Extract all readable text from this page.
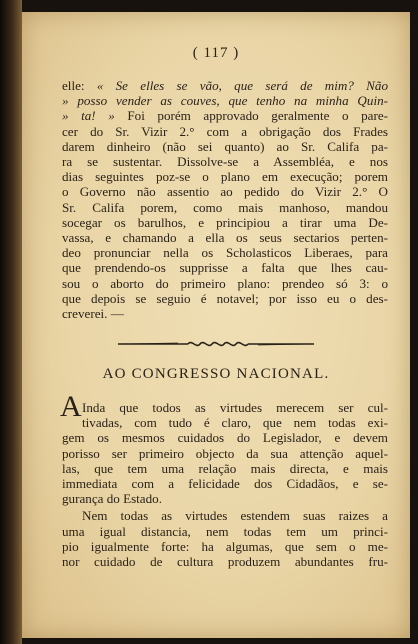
( 117 )
elle: « Se elles se vão, que será de mim? Não
» posso vender as couves, que tenho na minha Quin-
» ta! » Foi porém approvado geralmente o pare-
cer do Sr. Vizir 2.° com a obrigação dos Frades
darem dinheiro (não sei quanto) ao Sr. Califa pa-
ra se sustentar. Dissolve-se a Assembléa, e nos
dias seguintes poz-se o plano em execução; porem
o Governo não assentio ao pedido do Vizir 2.° O
Sr. Califa porem, como mais manhoso, mandou
socegar os barulhos, e principiou a tirar uma De-
vassa, e chamando a ella os seus sectarios perten-
deo pronunciar nella os Scholasticos Liberaes, para
que prendendo-os supprisse a falta que lhes cau-
sou o aborto do primeiro plano: prendeo só 3: o
que depois se seguio é notavel; por isso eu o des-
creverei. —
AO CONGRESSO NACIONAL.
A Inda que todos as virtudes merecem ser cul-
tivadas, com tudo é claro, que nem todas exi-
gem os mesmos cuidados do Legislador, e devem
porisso ser primeiro objecto da sua attenção aquel-
las, que tem uma relação mais directa, e mais
immediata com a felicidade dos Cidadãos, e se-
gurança do Estado.
Nem todas as virtudes estendem suas raizes a
uma igual distancia, nem todas tem um princi-
pio igualmente forte: ha algumas, que sem o me-
nor cuidado de cultura produzem abundantes fru-
